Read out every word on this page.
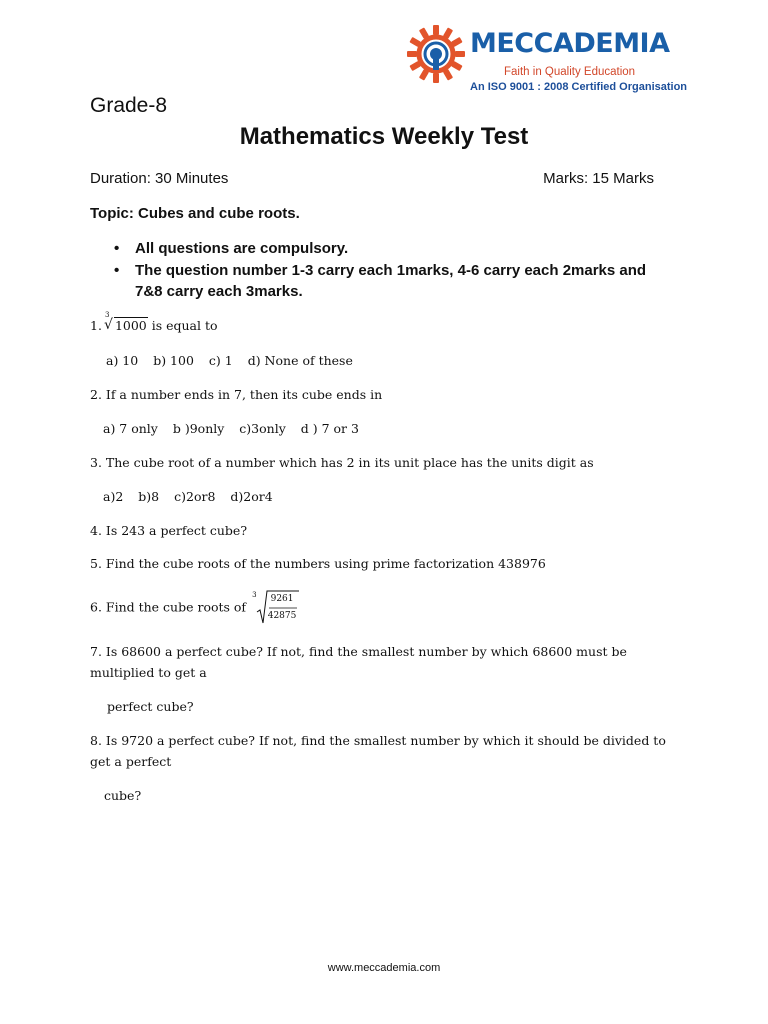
MECCADEMIA
Faith in Quality Education
An ISO 9001 : 2008 Certified Organisation
Grade-8
Mathematics Weekly Test
Duration: 30 Minutes	Marks: 15 Marks
Topic: Cubes and cube roots.
• All questions are compulsory.
• The question number 1-3 carry each 1marks, 4-6 carry each 2marks and 7&8 carry each 3marks.
1.
3
√ 1000 is equal to
a) 10 b) 100 c) 1 d) None of these
2. If a number ends in 7, then its cube ends in
a) 7 only b )9only c)3only d ) 7 or 3
3. The cube root of a number which has 2 in its unit place has the units digit as
a)2 b)8 c)2or8 d)2or4
4. Is 243 a perfect cube?
5. Find the cube roots of the numbers using prime factorization 438976
6. Find the cube roots of
3	9261
42875
7. Is 68600 a perfect cube? If not, find the smallest number by which 68600 must be
multiplied to get a
perfect cube?
8. Is 9720 a perfect cube? If not, find the smallest number by which it should be divided to
get a perfect
cube?
www.meccademia.com
